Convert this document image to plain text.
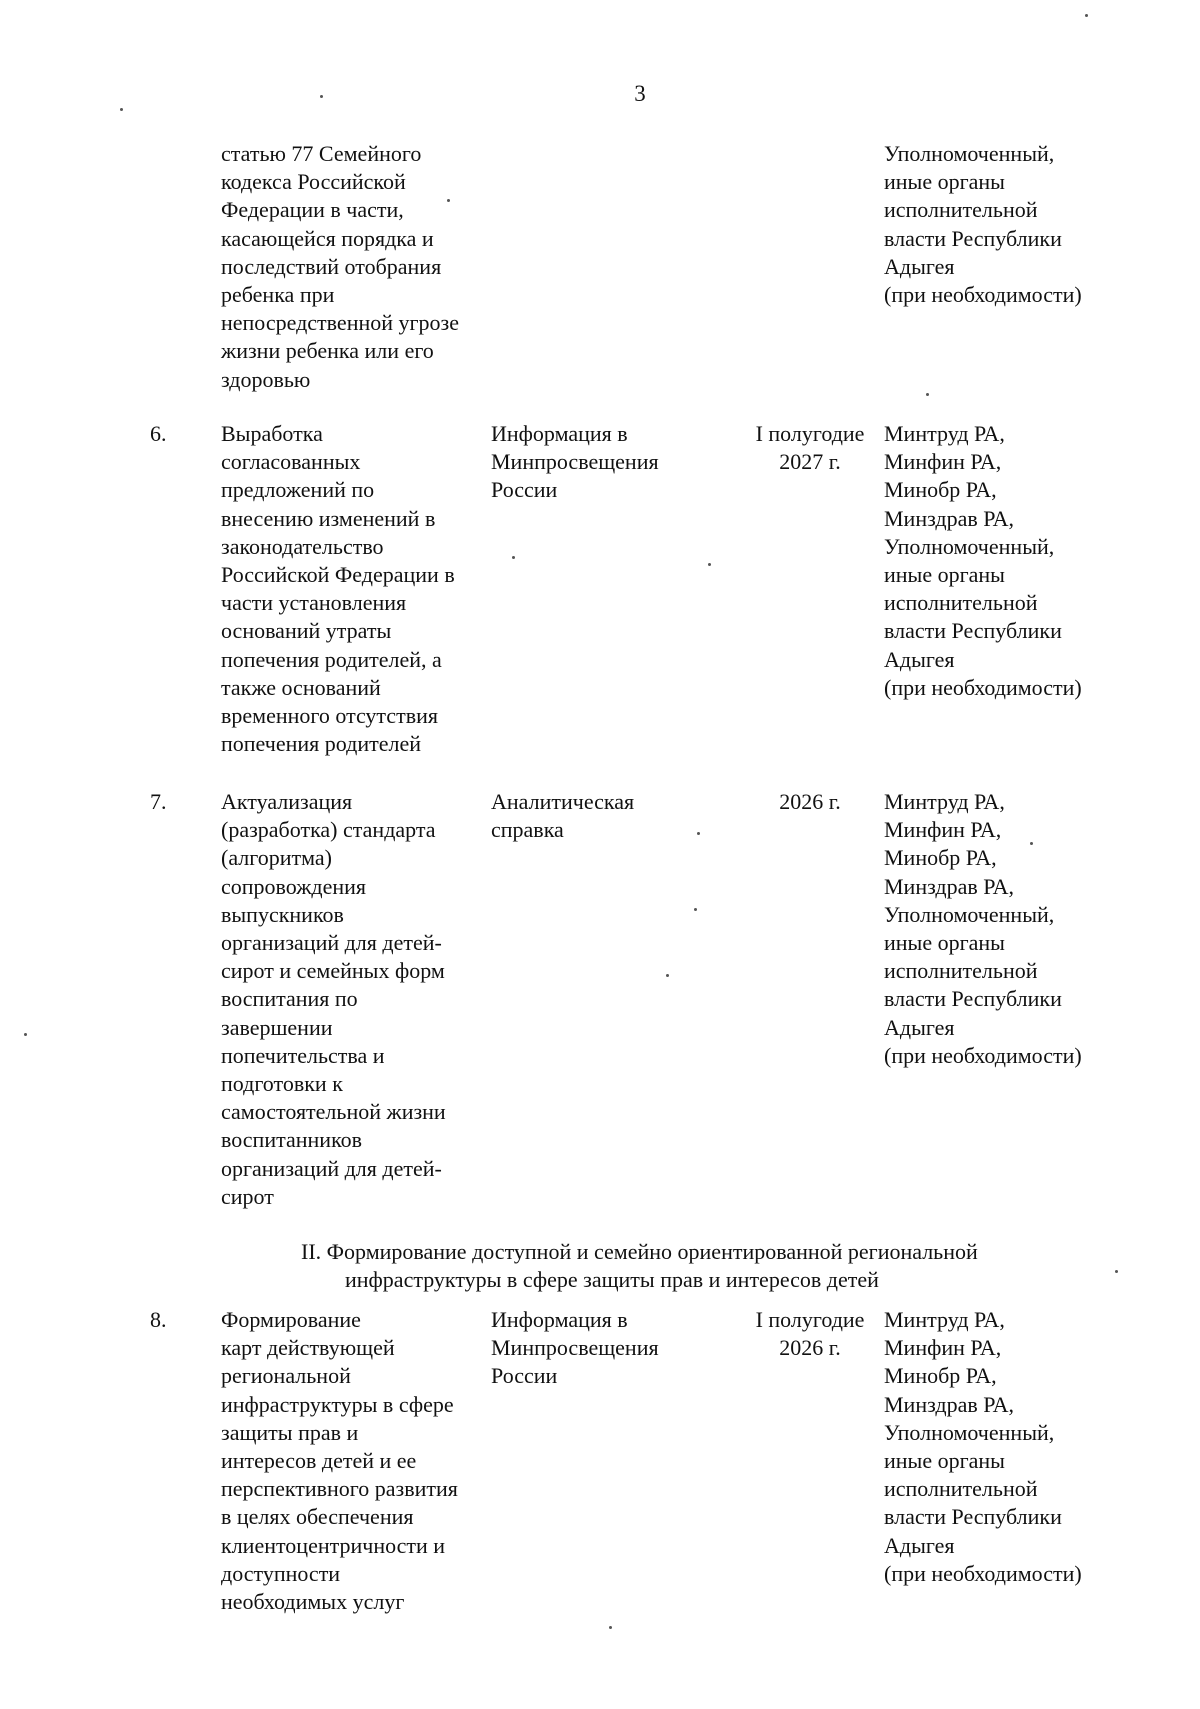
3
статью 77 Семейного
кодекса Российской
Федерации в части,
касающейся порядка и
последствий отобрания
ребенка при
непосредственной угрозе
жизни ребенка или его
здоровью
Уполномоченный,
иные органы
исполнительной
власти Республики
Адыгея
(при необходимости)
6. Выработка
согласованных
предложений по
внесению изменений в
законодательство
Российской Федерации в
части установления
оснований утраты
попечения родителей, а
также оснований
временного отсутствия
попечения родителей
Информация в
Минпросвещения
России
I полугодие
2027 г.
Минтруд РА,
Минфин РА,
Минобр РА,
Минздрав РА,
Уполномоченный,
иные органы
исполнительной
власти Республики
Адыгея
(при необходимости)
7. Актуализация
(разработка) стандарта
(алгоритма)
сопровождения
выпускников
организаций для детей-
сирот и семейных форм
воспитания по
завершении
попечительства и
подготовки к
самостоятельной жизни
воспитанников
организаций для детей-
сирот
Аналитическая
справка
2026 г.	Минтруд РА,
Минфин РА,
Минобр РА,
Минздрав РА,
Уполномоченный,
иные органы
исполнительной
власти Республики
Адыгея
(при необходимости)
II. Формирование доступной и семейно ориентированной региональной
инфраструктуры в сфере защиты прав и интересов детей
8. Формирование
карт действующей
региональной
инфраструктуры в сфере
защиты прав и
интересов детей и ее
перспективного развития
в целях обеспечения
клиентоцентричности и
доступности
необходимых услуг
Информация в
Минпросвещения
России
I полугодие
2026 г.
Минтруд РА,
Минфин РА,
Минобр РА,
Минздрав РА,
Уполномоченный,
иные органы
исполнительной
власти Республики
Адыгея
(при необходимости)
